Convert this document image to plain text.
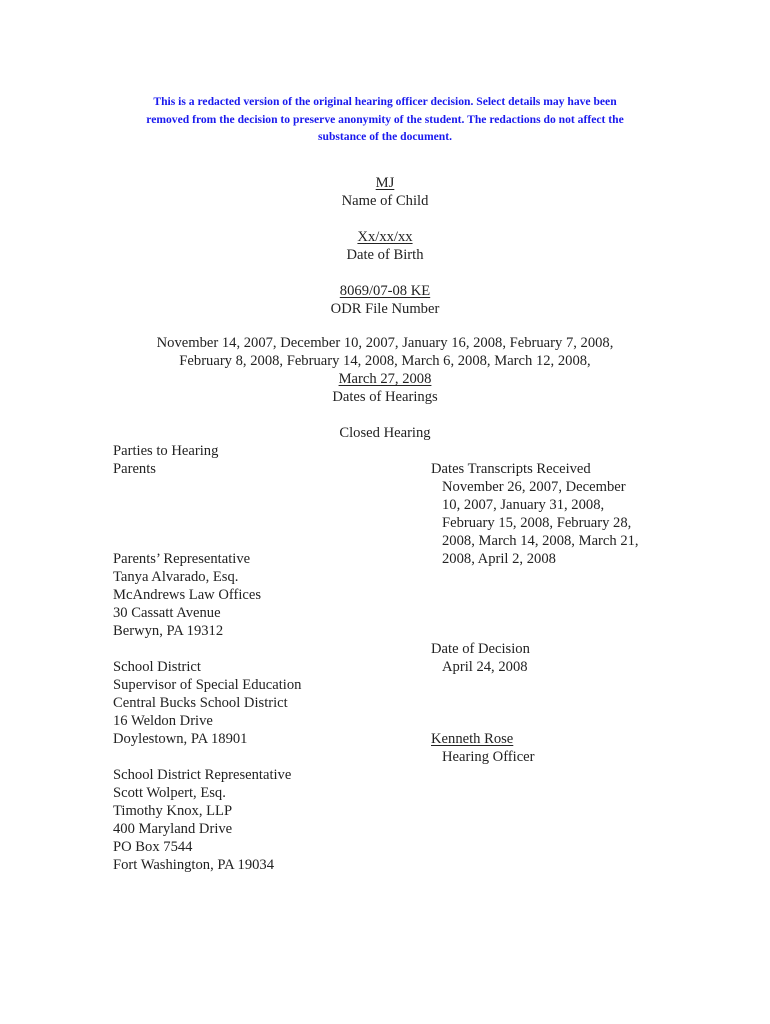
This is a redacted version of the original hearing officer decision. Select details may have been
removed from the decision to preserve anonymity of the student. The redactions do not affect the
substance of the document.
MJ
Name of Child
Xx/xx/xx
Date of Birth
8069/07-08 KE
ODR File Number
November 14, 2007, December 10, 2007, January 16, 2008, February 7, 2008,
February 8, 2008, February 14, 2008, March 6, 2008, March 12, 2008,
March 27, 2008
Dates of Hearings
Closed Hearing
Parties to Hearing
Parents
Parents’ Representative
Tanya Alvarado, Esq.
McAndrews Law Offices
30 Cassatt Avenue
Berwyn, PA 19312
School District
Supervisor of Special Education
Central Bucks School District
16 Weldon Drive
Doylestown, PA 18901
School District Representative
Scott Wolpert, Esq.
Timothy Knox, LLP
400 Maryland Drive
PO Box 7544
Fort Washington, PA 19034
Dates Transcripts Received
November 26, 2007, December
10, 2007, January 31, 2008,
February 15, 2008, February 28,
2008, March 14, 2008, March 21,
2008, April 2, 2008
Date of Decision
April 24, 2008
Kenneth Rose
Hearing Officer
